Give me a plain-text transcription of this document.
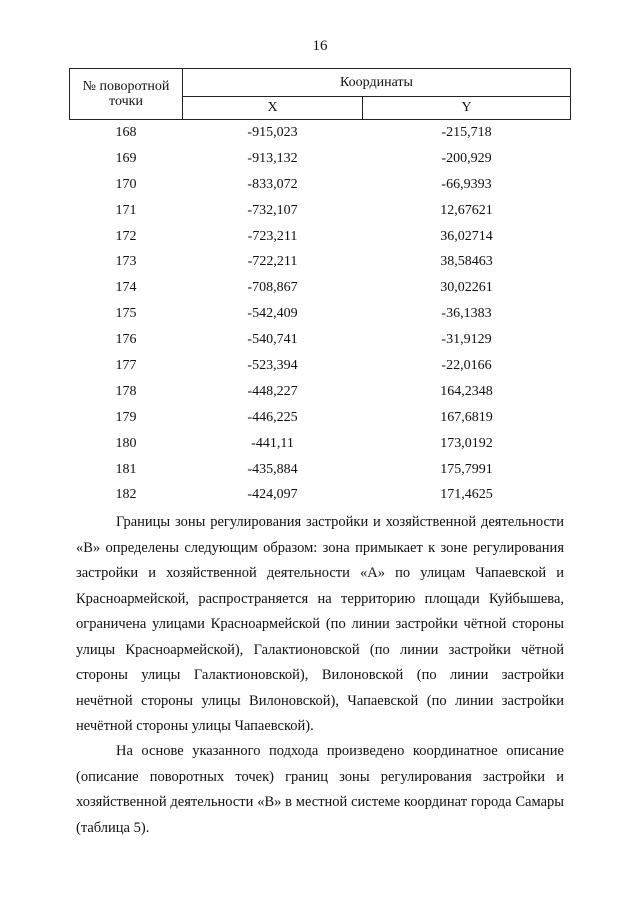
16
№ поворотной точки	Координаты	
	X	Y
168	-915,023	-215,718
169	-913,132	-200,929
170	-833,072	-66,9393
171	-732,107	12,67621
172	-723,211	36,02714
173	-722,211	38,58463
174	-708,867	30,02261
175	-542,409	-36,1383
176	-540,741	-31,9129
177	-523,394	-22,0166
178	-448,227	164,2348
179	-446,225	167,6819
180	-441,11	173,0192
181	-435,884	175,7991
182	-424,097	171,4625

Границы зоны регулирования застройки и хозяйственной деятельности «В» определены следующим образом: зона примыкает к зоне регулирования застройки и хозяйственной деятельности «А» по улицам Чапаевской и Красноармейской, распространяется на территорию площади Куйбышева, ограничена улицами Красноармейской (по линии застройки чётной стороны улицы Красноармейской), Галактионовской (по линии застройки чётной стороны улицы Галактионовской), Вилоновской (по линии застройки нечётной стороны улицы Вилоновской), Чапаевской (по линии застройки нечётной стороны улицы Чапаевской).

На основе указанного подхода произведено координатное описание (описание поворотных точек) границ зоны регулирования застройки и хозяйственной деятельности «В» в местной системе координат города Самары (таблица 5).
